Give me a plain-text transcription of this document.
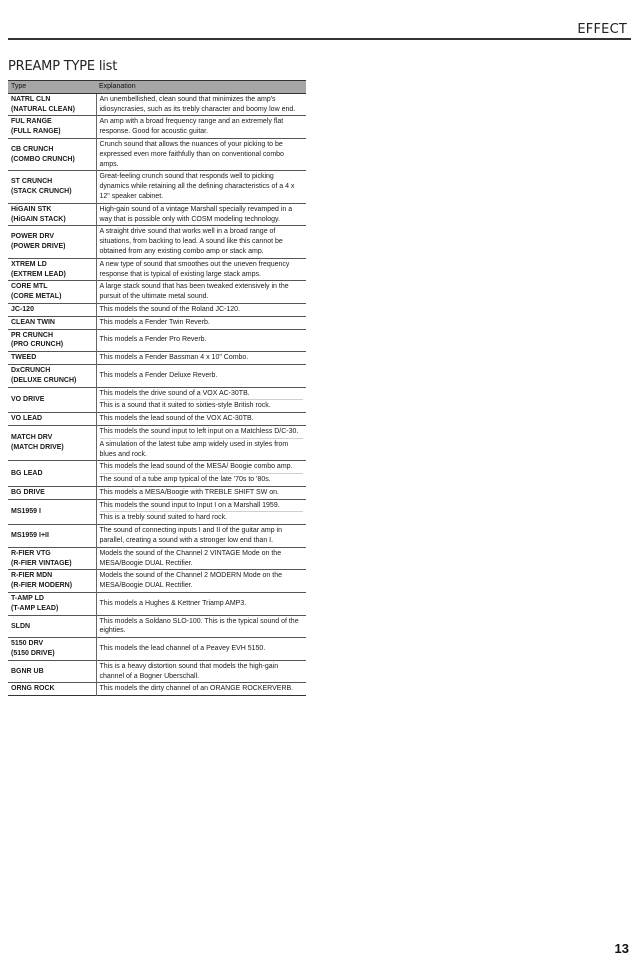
EFFECT
PREAMP TYPE list
Type	Explanation

NATRL CLN
(NATURAL CLEAN)	An unembellished, clean sound that minimizes the amp's idiosyncrasies, such as its trebly character and boomy low end.

FUL RANGE
(FULL RANGE)	An amp with a broad frequency range and an extremely flat response. Good for acoustic guitar.

CB CRUNCH
(COMBO CRUNCH)	Crunch sound that allows the nuances of your picking to be expressed even more faithfully than on conventional combo amps.

ST CRUNCH
(STACK CRUNCH)	Great-feeling crunch sound that responds well to picking dynamics while retaining all the defining characteristics of a 4 x 12" speaker cabinet.

HiGAIN STK
(HiGAIN STACK)	High-gain sound of a vintage Marshall specially revamped in a way that is possible only with COSM modeling technology.

POWER DRV
(POWER DRIVE)	A straight drive sound that works well in a broad range of situations, from backing to lead. A sound like this cannot be obtained from any existing combo amp or stack amp.

XTREM LD
(EXTREM LEAD)	A new type of sound that smoothes out the uneven frequency response that is typical of existing large stack amps.

CORE MTL
(CORE METAL)	A large stack sound that has been tweaked extensively in the pursuit of the ultimate metal sound.

JC-120	This models the sound of the Roland JC-120.

CLEAN TWIN	This models a Fender Twin Reverb.

PR CRUNCH
(PRO CRUNCH)	This models a Fender Pro Reverb.

TWEED	This models a Fender Bassman 4 x 10" Combo.

DxCRUNCH
(DELUXE CRUNCH)	This models a Fender Deluxe Reverb.

VO DRIVE	This models the drive sound of a VOX AC-30TB.
This is a sound that it suited to sixties-style British rock.

VO LEAD	This models the lead sound of the VOX AC-30TB.

MATCH DRV
(MATCH DRIVE)	This models the sound input to left input on a Matchless D/C-30.
A simulation of the latest tube amp widely used in styles from blues and rock.

BG LEAD	This models the lead sound of the MESA/ Boogie combo amp.
The sound of a tube amp typical of the late '70s to '80s.

BG DRIVE	This models a MESA/Boogie with TREBLE SHIFT SW on.

MS1959 I	This models the sound input to Input I on a Marshall 1959.
This is a trebly sound suited to hard rock.

MS1959 I+II	The sound of connecting inputs I and II of the guitar amp in parallel, creating a sound with a stronger low end than I.

R-FIER VTG
(R-FIER VINTAGE)	Models the sound of the Channel 2 VINTAGE Mode on the MESA/Boogie DUAL Rectifier.

R-FIER MDN
(R-FIER MODERN)	Models the sound of the Channel 2 MODERN Mode on the MESA/Boogie DUAL Rectifier.

T-AMP LD
(T-AMP LEAD)	This models a Hughes & Kettner Triamp AMP3.

SLDN	This models a Soldano SLO-100. This is the typical sound of the eighties.

5150 DRV
(5150 DRIVE)	This models the lead channel of a Peavey EVH 5150.

BGNR UB	This is a heavy distortion sound that models the high-gain channel of a Bogner Uberschall.

ORNG ROCK	This models the dirty channel of an ORANGE ROCKERVERB.
13
